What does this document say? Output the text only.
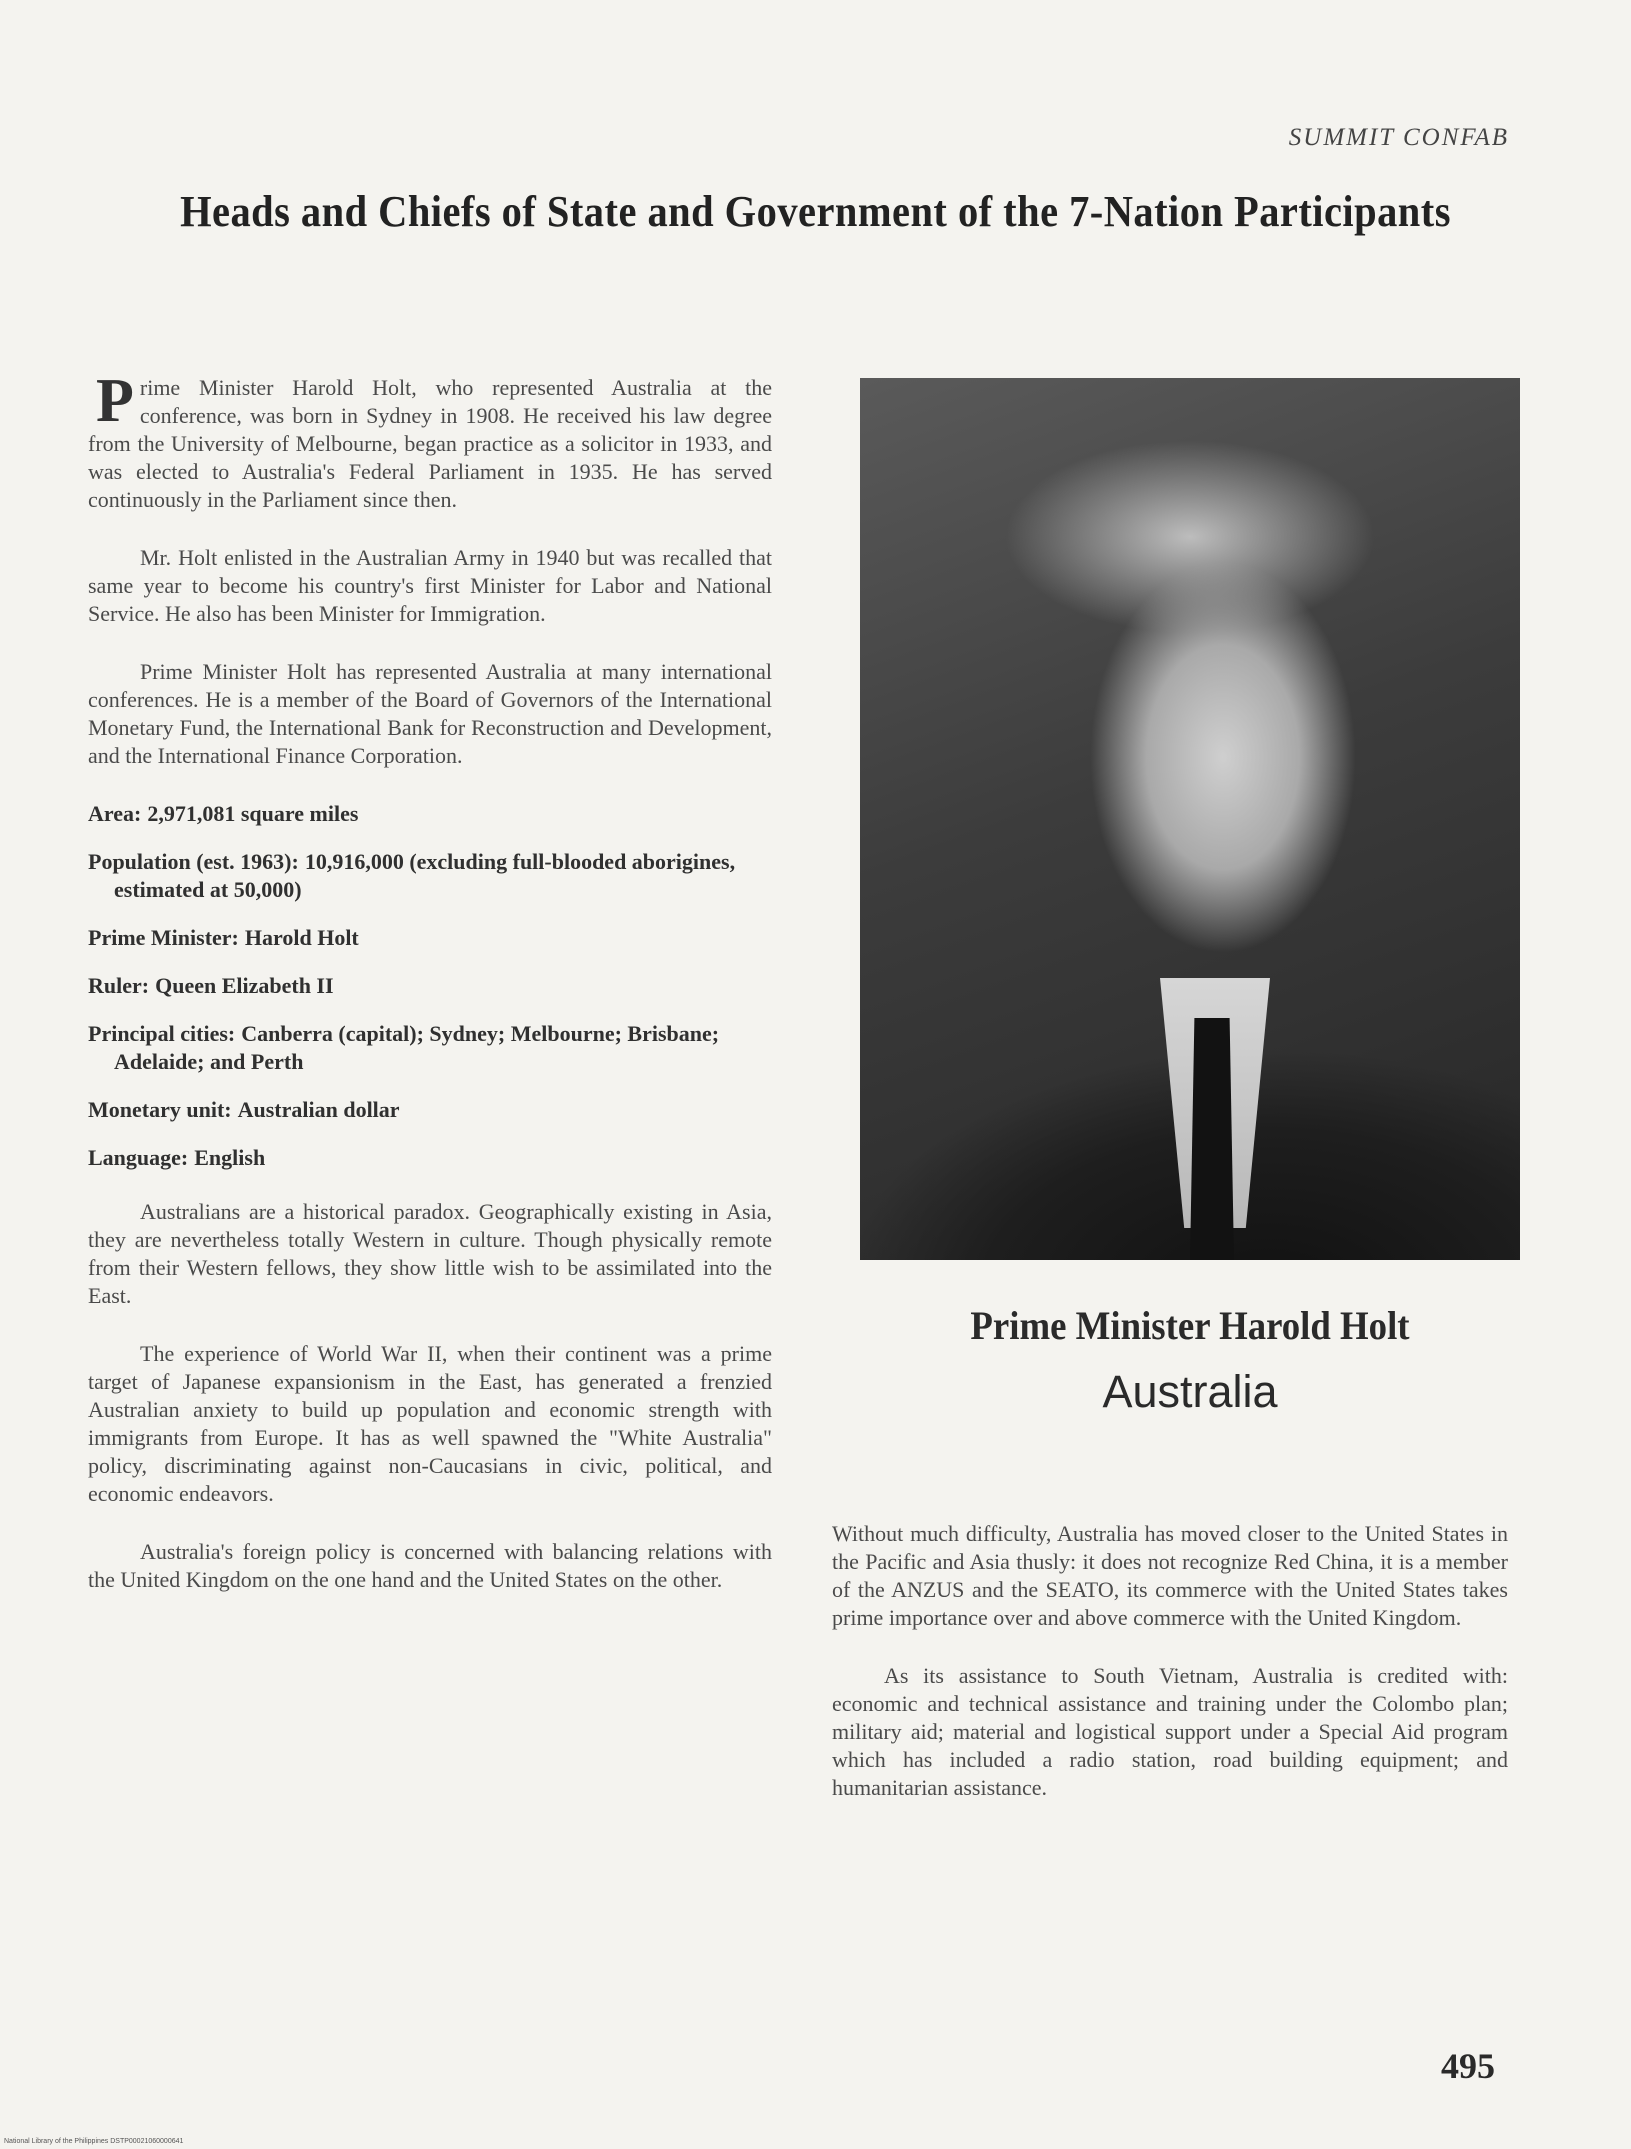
SUMMIT CONFAB
Heads and Chiefs of State and Government of the 7-Nation Participants

Prime Minister Harold Holt, who represented Australia at the conference, was born in Sydney in 1908. He received his law degree from the University of Melbourne, began practice as a solicitor in 1933, and was elected to Australia's Federal Parliament in 1935. He has served continuously in the Parliament since then.

Mr. Holt enlisted in the Australian Army in 1940 but was recalled that same year to become his country's first Minister for Labor and National Service. He also has been Minister for Immigration.

Prime Minister Holt has represented Australia at many international conferences. He is a member of the Board of Governors of the International Monetary Fund, the International Bank for Reconstruction and Development, and the International Finance Corporation.

Area: 2,971,081 square miles

Population (est. 1963): 10,916,000 (excluding full-blooded aborigines, estimated at 50,000)

Prime Minister: Harold Holt

Ruler: Queen Elizabeth II

Principal cities: Canberra (capital); Sydney; Melbourne; Brisbane; Adelaide; and Perth

Monetary unit: Australian dollar

Language: English

Australians are a historical paradox. Geographically existing in Asia, they are nevertheless totally Western in culture. Though physically remote from their Western fellows, they show little wish to be assimilated into the East.

The experience of World War II, when their continent was a prime target of Japanese expansionism in the East, has generated a frenzied Australian anxiety to build up population and economic strength with immigrants from Europe. It has as well spawned the "White Australia" policy, discriminating against non-Caucasians in civic, political, and economic endeavors.

Australia's foreign policy is concerned with balancing relations with the United Kingdom on the one hand and the United States on the other.

Prime Minister Harold Holt
Australia

Without much difficulty, Australia has moved closer to the United States in the Pacific and Asia thusly: it does not recognize Red China, it is a member of the ANZUS and the SEATO, its commerce with the United States takes prime importance over and above commerce with the United Kingdom.

As its assistance to South Vietnam, Australia is credited with: economic and technical assistance and training under the Colombo plan; military aid; material and logistical support under a Special Aid program which has included a radio station, road building equipment; and humanitarian assistance.

495
National Library of the Philippines DSTP00021060000641
